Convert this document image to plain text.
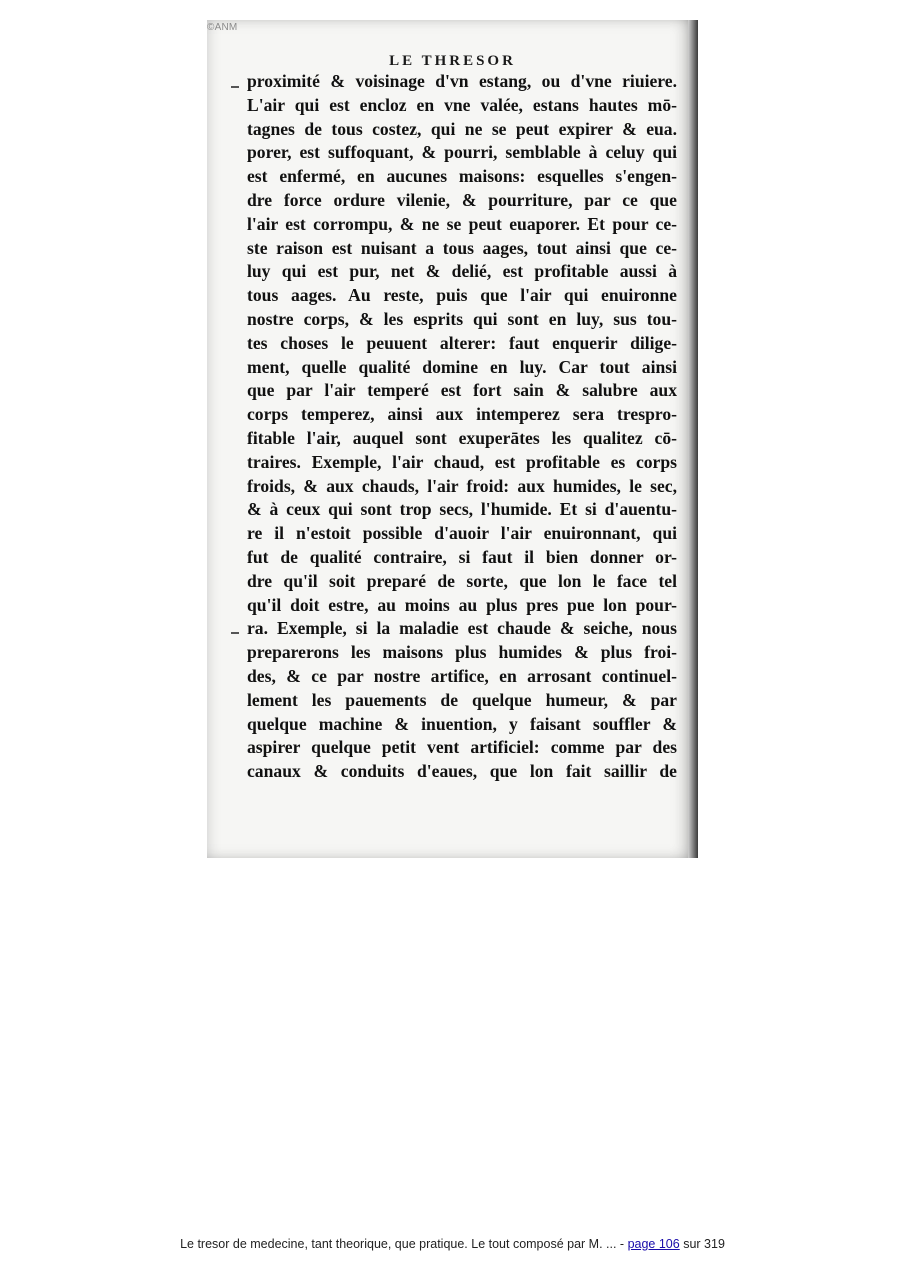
©ANM
LE THRESOR
proximité & voisinage d'vn estang, ou d'vne riuiere.
L'air qui est encloz en vne valée, estans hautes mō-
tagnes de tous costez, qui ne se peut expirer & eua.
porer, est suffoquant, & pourri, semblable à celuy qui
est enfermé, en aucunes maisons: esquelles s'engen-
dre force ordure vilenie, & pourriture, par ce que
l'air est corrompu, & ne se peut euaporer. Et pour ce-
ste raison est nuisant a tous aages, tout ainsi que ce-
luy qui est pur, net & delié, est profitable aussi à
tous aages. Au reste, puis que l'air qui enuironne
nostre corps, & les esprits qui sont en luy, sus tou-
tes choses le peuuent alterer: faut enquerir dilige-
ment, quelle qualité domine en luy. Car tout ainsi
que par l'air temperé est fort sain & salubre aux
corps temperez, ainsi aux intemperez sera trespro-
fitable l'air, auquel sont exuperātes les qualitez cō-
traires. Exemple, l'air chaud, est profitable es corps
froids, & aux chauds, l'air froid: aux humides, le sec,
& à ceux qui sont trop secs, l'humide. Et si d'auentu-
re il n'estoit possible d'auoir l'air enuironnant, qui
fut de qualité contraire, si faut il bien donner or-
dre qu'il soit preparé de sorte, que lon le face tel
qu'il doit estre, au moins au plus pres pue lon pour-
ra. Exemple, si la maladie est chaude & seiche, nous
preparerons les maisons plus humides & plus froi-
des, & ce par nostre artifice, en arrosant continuel-
lement les pauements de quelque humeur, & par
quelque machine & inuention, y faisant souffler &
aspirer quelque petit vent artificiel: comme par des
canaux & conduits d'eaues, que lon fait saillir de
Le tresor de medecine, tant theorique, que pratique. Le tout composé par M. ... - page 106 sur 319
